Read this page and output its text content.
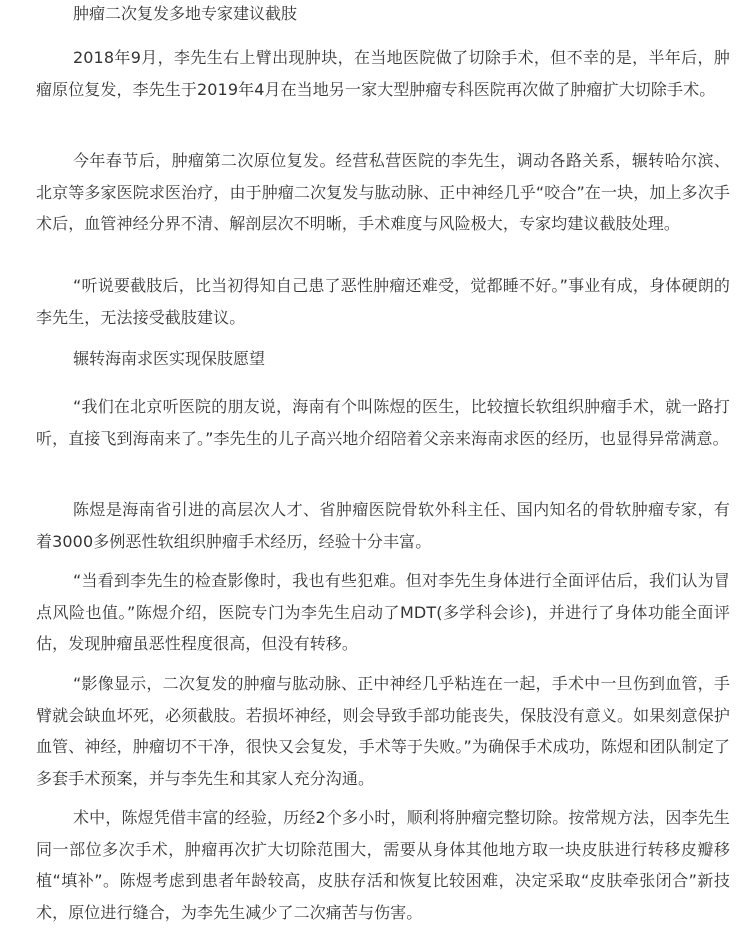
肿瘤二次复发多地专家建议截肢

2018年9月，李先生右上臂出现肿块，在当地医院做了切除手术，但不幸的是，半年后，肿瘤原位复发，李先生于2019年4月在当地另一家大型肿瘤专科医院再次做了肿瘤扩大切除手术。

今年春节后，肿瘤第二次原位复发。经营私营医院的李先生，调动各路关系，辗转哈尔滨、北京等多家医院求医治疗，由于肿瘤二次复发与肱动脉、正中神经几乎“咬合”在一块，加上多次手术后，血管神经分界不清、解剖层次不明晰，手术难度与风险极大，专家均建议截肢处理。

“听说要截肢后，比当初得知自己患了恶性肿瘤还难受，觉都睡不好。”事业有成，身体硬朗的李先生，无法接受截肢建议。

辗转海南求医实现保肢愿望

“我们在北京听医院的朋友说，海南有个叫陈煜的医生，比较擅长软组织肿瘤手术，就一路打听，直接飞到海南来了。”李先生的儿子高兴地介绍陪着父亲来海南求医的经历，也显得异常满意。

陈煜是海南省引进的高层次人才、省肿瘤医院骨软外科主任、国内知名的骨软肿瘤专家，有着3000多例恶性软组织肿瘤手术经历，经验十分丰富。

“当看到李先生的检查影像时，我也有些犯难。但对李先生身体进行全面评估后，我们认为冒点风险也值。”陈煜介绍，医院专门为李先生启动了MDT(多学科会诊)，并进行了身体功能全面评估，发现肿瘤虽恶性程度很高，但没有转移。

“影像显示，二次复发的肿瘤与肱动脉、正中神经几乎粘连在一起，手术中一旦伤到血管，手臂就会缺血坏死，必须截肢。若损坏神经，则会导致手部功能丧失，保肢没有意义。如果刻意保护血管、神经，肿瘤切不干净，很快又会复发，手术等于失败。”为确保手术成功，陈煜和团队制定了多套手术预案，并与李先生和其家人充分沟通。

术中，陈煜凭借丰富的经验，历经2个多小时，顺利将肿瘤完整切除。按常规方法，因李先生同一部位多次手术，肿瘤再次扩大切除范围大，需要从身体其他地方取一块皮肤进行转移皮瓣移植“填补”。陈煜考虑到患者年龄较高，皮肤存活和恢复比较困难，决定采取“皮肤牵张闭合”新技术，原位进行缝合，为李先生减少了二次痛苦与伤害。
